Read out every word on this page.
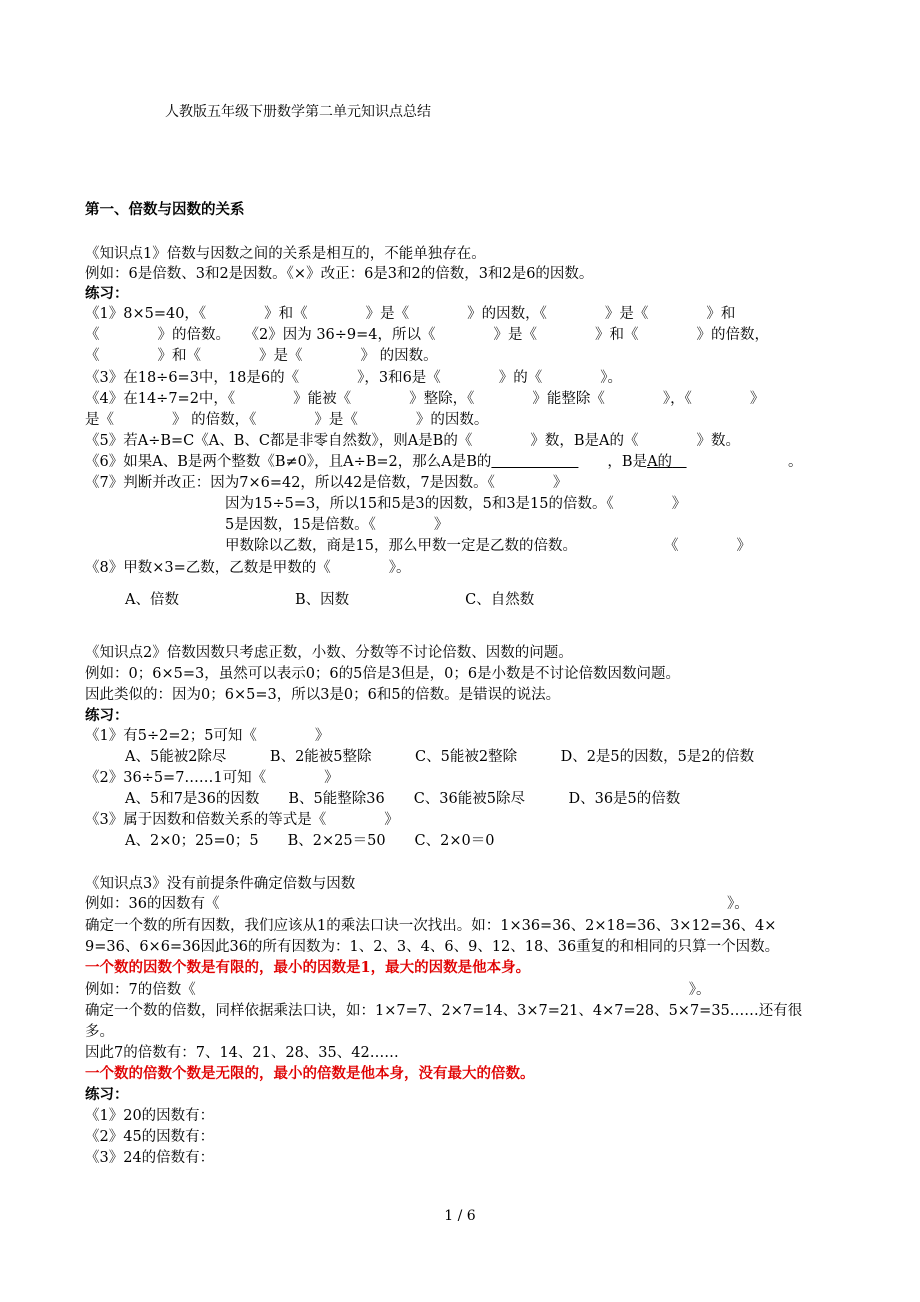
人教版五年级下册数学第二单元知识点总结
第一、倍数与因数的关系
《知识点1》倍数与因数之间的关系是相互的，不能单独存在。
例如：6是倍数、3和2是因数。《×》改正：6是3和2的倍数，3和2是6的因数。
练习：
《1》8×5=40，《　　　　》和《　　　　》是《　　　　》的因数，《　　　　》是《　　　　》和
《　　　　》的倍数。　　《2》因为 36÷9=4，所以《　　　　》是《　　　　》和《　　　　》的倍数，
《　　　　》和《　　　　》是《　　　　》 的因数。
《3》在18÷6=3中，18是6的《　　　　》，3和6是《　　　　》的《　　　　》。
《4》在14÷7=2中，《　　　　》能被《　　　　》整除，《　　　　》能整除《　　　　》，《　　　　》
是《　　　　》 的倍数，《　　　　》是《　　　　》的因数。
《5》若A÷B=C《A、B、C都是非零自然数》，则A是B的《　　　　》数，B是A的《　　　　》数。
《6》如果A、B是两个整数《B≠0》，且A÷B=2，那么A是B的　　　　　　	　　，B是A的　　　　　　　　。
《7》判断并改正：因为7×6=42，所以42是倍数，7是因数。《　　　　》
因为15÷5=3，所以15和5是3的因数，5和3是15的倍数。《　　　　》
5是因数，15是倍数。《　　　　》
甲数除以乙数，商是15，那么甲数一定是乙数的倍数。　　　　　　　《　　　　》
《8》甲数×3=乙数，乙数是甲数的《　　　　》。
A、倍数　　　　　　　　B、因数　　　　　　　　C、自然数
《知识点2》倍数因数只考虑正数，小数、分数等不讨论倍数、因数的问题。
例如：0；6×5=3，虽然可以表示0；6的5倍是3但是，0；6是小数是不讨论倍数因数问题。
因此类似的：因为0；6×5=3，所以3是0；6和5的倍数。是错误的说法。
练习：
《1》有5÷2=2；5可知《　　　　》
A、5能被2除尽　　　B、2能被5整除　　　C、5能被2整除　　　D、2是5的因数，5是2的倍数
《2》36÷5=7……1可知《　　　　》
A、5和7是36的因数　　B、5能整除36　　C、36能被5除尽　　　D、36是5的倍数
《3》属于因数和倍数关系的等式是《　　　　》
A、2×0；25=0；5　　B、2×25＝50　　C、2×0＝0
《知识点3》没有前提条件确定倍数与因数
例如：36的因数有《　　　　　　　　　　　　　　　　　　　　　　　　　　　　　　　　　　　》。
确定一个数的所有因数，我们应该从1的乘法口诀一次找出。如：1×36=36、2×18=36、3×12=36、4×
9=36、6×6=36因此36的所有因数为：1、2、3、4、6、9、12、18、36重复的和相同的只算一个因数。
一个数的因数个数是有限的，最小的因数是1，最大的因数是他本身。
例如：7的倍数《　　　　　　　　　　　　　　　　　　　　　　　　　　　　　　　　　　》。
确定一个数的倍数，同样依据乘法口诀，如：1×7=7、2×7=14、3×7=21、4×7=28、5×7=35……还有很
多。
因此7的倍数有：7、14、21、28、35、42……
一个数的倍数个数是无限的，最小的倍数是他本身，没有最大的倍数。
练习：
《1》20的因数有：
《2》45的因数有：
《3》24的倍数有：
1 / 6
